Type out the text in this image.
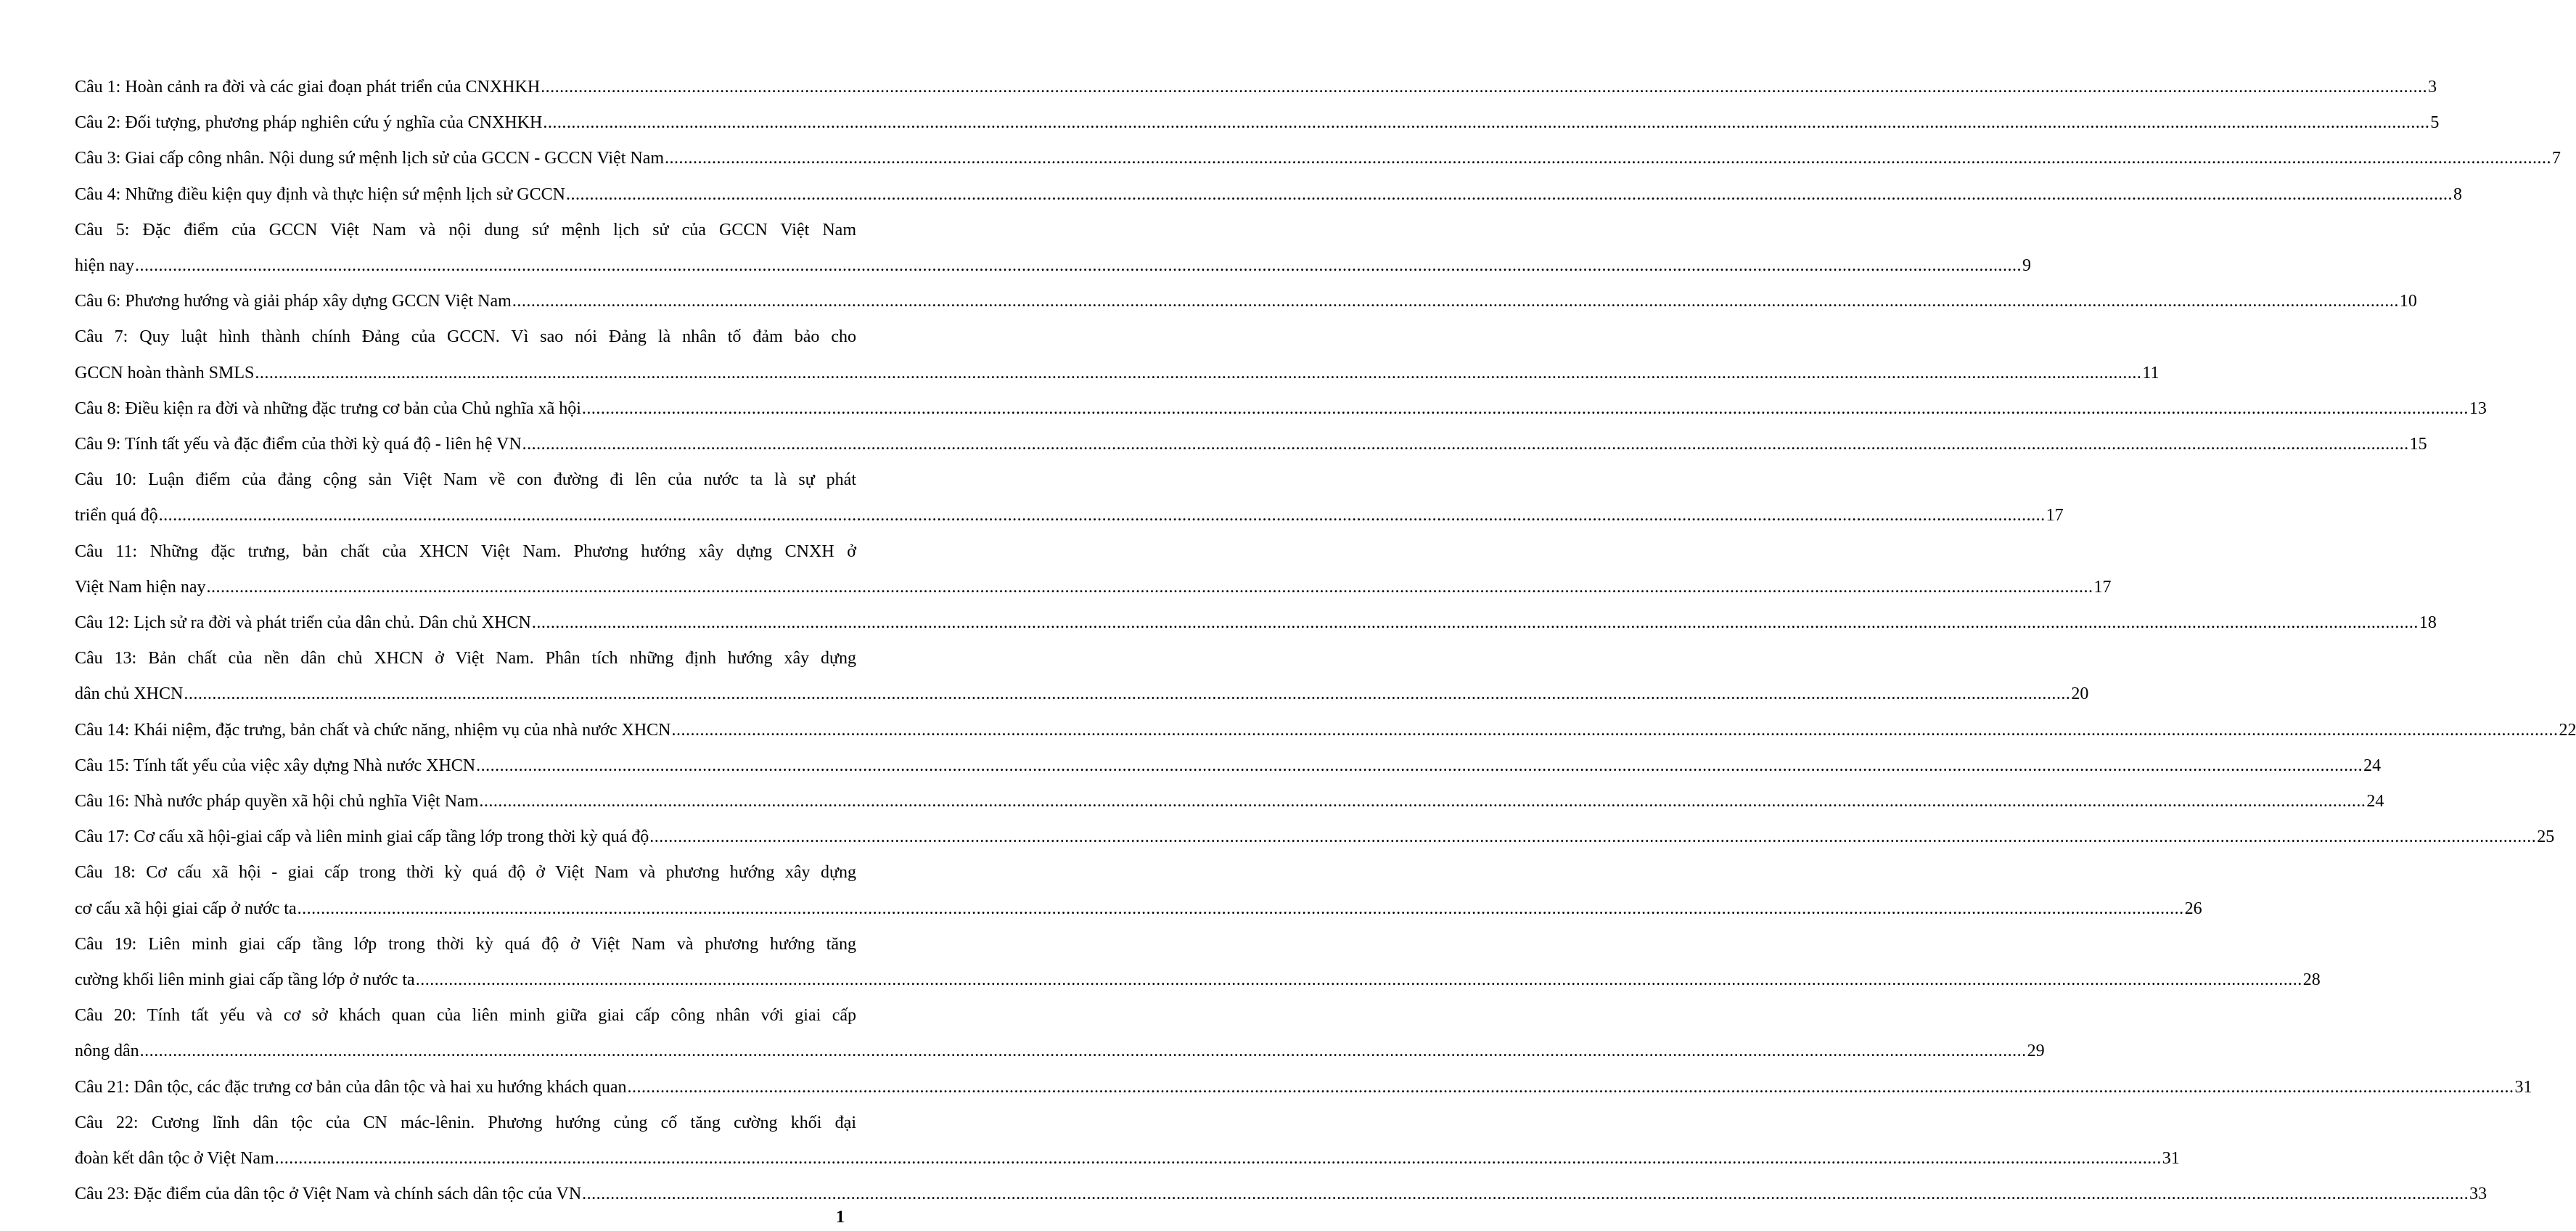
Câu 1: Hoàn cảnh ra đời và các giai đoạn phát triển của CNXHKH ................................................................................................................................................................................................................................................................................................................................................................................................................ 3
Câu 2: Đối tượng, phương pháp nghiên cứu ý nghĩa của CNXHKH ................................................................................................................................................................................................................................................................................................................................................................................................................ 5
Câu 3: Giai cấp công nhân. Nội dung sứ mệnh lịch sử của GCCN - GCCN Việt Nam ................................................................................................................................................................................................................................................................................................................................................................................................................ 7
Câu 4: Những điều kiện quy định và thực hiện sứ mệnh lịch sử GCCN ................................................................................................................................................................................................................................................................................................................................................................................................................ 8
Câu 5: Đặc điểm của GCCN Việt Nam và nội dung sứ mệnh lịch sử của GCCN Việt Nam
hiện nay ................................................................................................................................................................................................................................................................................................................................................................................................................ 9
Câu 6: Phương hướng và giải pháp xây dựng GCCN Việt Nam ................................................................................................................................................................................................................................................................................................................................................................................................................ 10
Câu 7: Quy luật hình thành chính Đảng của GCCN. Vì sao nói Đảng là nhân tố đảm bảo cho
GCCN hoàn thành SMLS ................................................................................................................................................................................................................................................................................................................................................................................................................ 11
Câu 8: Điều kiện ra đời và những đặc trưng cơ bản của Chủ nghĩa xã hội ................................................................................................................................................................................................................................................................................................................................................................................................................ 13
Câu 9: Tính tất yếu và đặc điểm của thời kỳ quá độ - liên hệ VN ................................................................................................................................................................................................................................................................................................................................................................................................................ 15
Câu 10: Luận điểm của đảng cộng sản Việt Nam về con đường đi lên của nước ta là sự phát
triển quá độ ................................................................................................................................................................................................................................................................................................................................................................................................................ 17
Câu 11: Những đặc trưng, bản chất của XHCN Việt Nam. Phương hướng xây dựng CNXH ở
Việt Nam hiện nay ................................................................................................................................................................................................................................................................................................................................................................................................................ 17
Câu 12: Lịch sử ra đời và phát triển của dân chủ. Dân chủ XHCN ................................................................................................................................................................................................................................................................................................................................................................................................................ 18
Câu 13: Bản chất của nền dân chủ XHCN ở Việt Nam. Phân tích những định hướng xây dựng
dân chủ XHCN ................................................................................................................................................................................................................................................................................................................................................................................................................ 20
Câu 14: Khái niệm, đặc trưng, bản chất và chức năng, nhiệm vụ của nhà nước XHCN ................................................................................................................................................................................................................................................................................................................................................................................................................ 22
Câu 15: Tính tất yếu của việc xây dựng Nhà nước XHCN ................................................................................................................................................................................................................................................................................................................................................................................................................ 24
Câu 16: Nhà nước pháp quyền xã hội chủ nghĩa Việt Nam ................................................................................................................................................................................................................................................................................................................................................................................................................ 24
Câu 17: Cơ cấu xã hội-giai cấp và liên minh giai cấp tầng lớp trong thời kỳ quá độ ................................................................................................................................................................................................................................................................................................................................................................................................................ 25
Câu 18: Cơ cấu xã hội - giai cấp trong thời kỳ quá độ ở Việt Nam và phương hướng xây dựng
cơ cấu xã hội giai cấp ở nước ta ................................................................................................................................................................................................................................................................................................................................................................................................................ 26
Câu 19: Liên minh giai cấp tầng lớp trong thời kỳ quá độ ở Việt Nam và phương hướng tăng
cường khối liên minh giai cấp tầng lớp ở nước ta ................................................................................................................................................................................................................................................................................................................................................................................................................ 28
Câu 20: Tính tất yếu và cơ sở khách quan của liên minh giữa giai cấp công nhân với giai cấp
nông dân ................................................................................................................................................................................................................................................................................................................................................................................................................ 29
Câu 21: Dân tộc, các đặc trưng cơ bản của dân tộc và hai xu hướng khách quan ................................................................................................................................................................................................................................................................................................................................................................................................................ 31
Câu 22: Cương lĩnh dân tộc của CN mác-lênin. Phương hướng củng cố tăng cường khối đại
đoàn kết dân tộc ở Việt Nam ................................................................................................................................................................................................................................................................................................................................................................................................................ 31
Câu 23: Đặc điểm của dân tộc ở Việt Nam và chính sách dân tộc của VN ................................................................................................................................................................................................................................................................................................................................................................................................................ 33
1
